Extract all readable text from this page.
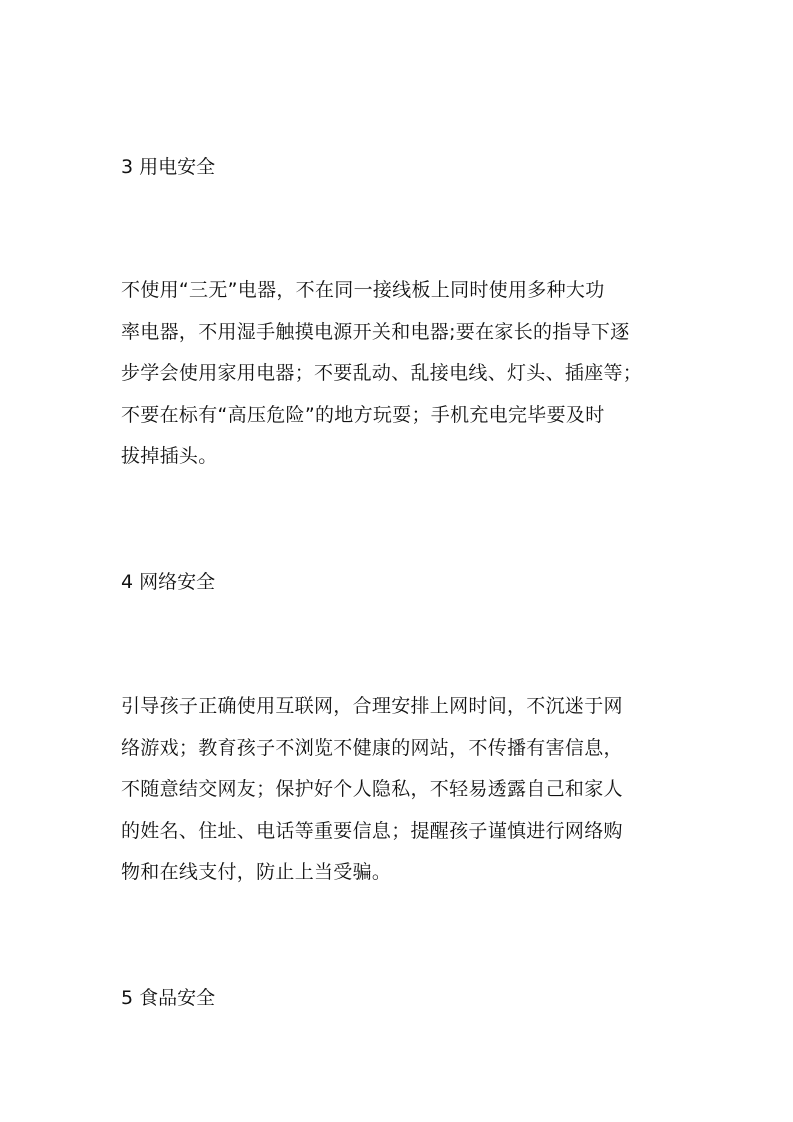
3 用电安全

不使用“三无”电器，不在同一接线板上同时使用多种大功
率电器，不用湿手触摸电源开关和电器;要在家长的指导下逐
步学会使用家用电器；不要乱动、乱接电线、灯头、插座等；
不要在标有“高压危险”的地方玩耍；手机充电完毕要及时
拔掉插头。

4 网络安全

引导孩子正确使用互联网，合理安排上网时间，不沉迷于网
络游戏；教育孩子不浏览不健康的网站，不传播有害信息，
不随意结交网友；保护好个人隐私，不轻易透露自己和家人
的姓名、住址、电话等重要信息；提醒孩子谨慎进行网络购
物和在线支付，防止上当受骗。

5 食品安全
